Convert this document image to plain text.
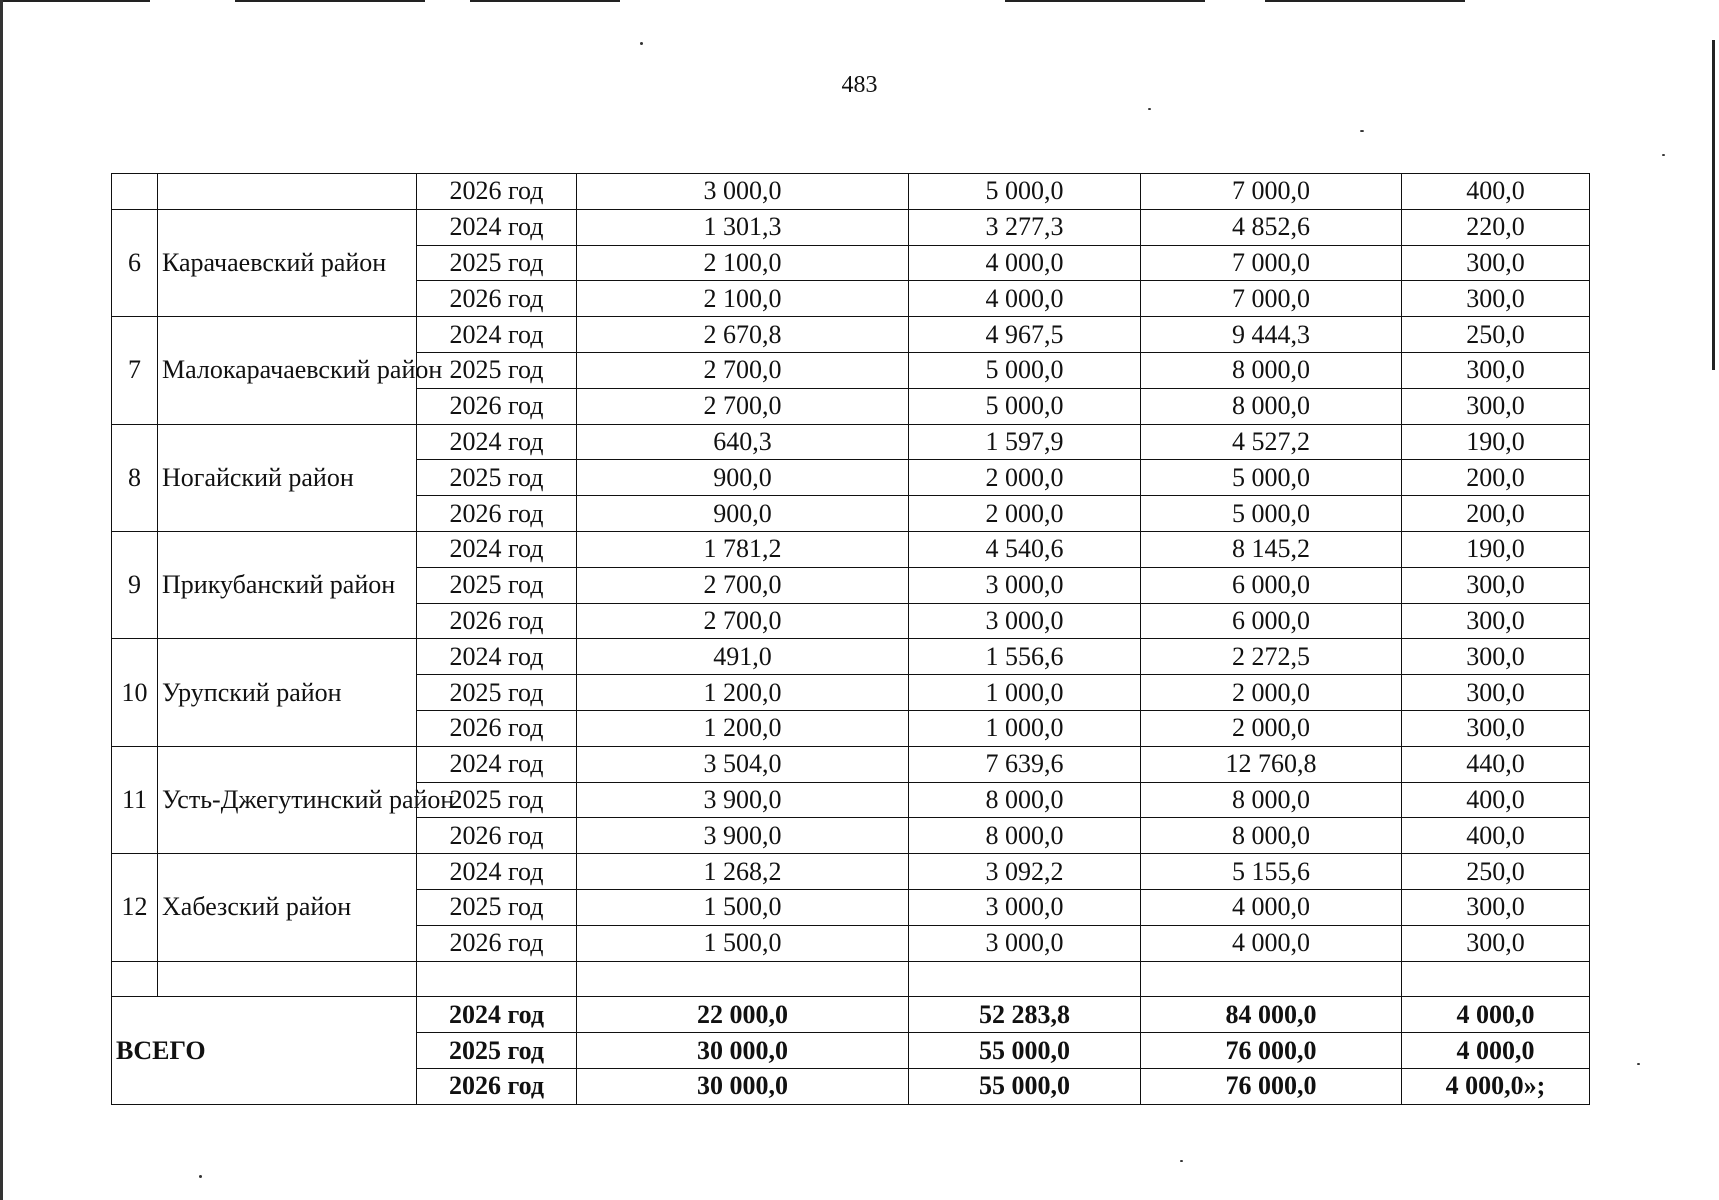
483
		2026 год	3 000,0	5 000,0	7 000,0	400,0
6	Карачаевский район	2024 год	1 301,3	3 277,3	4 852,6	220,0
		2025 год	2 100,0	4 000,0	7 000,0	300,0
		2026 год	2 100,0	4 000,0	7 000,0	300,0
7	Малокарачаевский район	2024 год	2 670,8	4 967,5	9 444,3	250,0
		2025 год	2 700,0	5 000,0	8 000,0	300,0
		2026 год	2 700,0	5 000,0	8 000,0	300,0
8	Ногайский район	2024 год	640,3	1 597,9	4 527,2	190,0
		2025 год	900,0	2 000,0	5 000,0	200,0
		2026 год	900,0	2 000,0	5 000,0	200,0
9	Прикубанский район	2024 год	1 781,2	4 540,6	8 145,2	190,0
		2025 год	2 700,0	3 000,0	6 000,0	300,0
		2026 год	2 700,0	3 000,0	6 000,0	300,0
10	Урупский район	2024 год	491,0	1 556,6	2 272,5	300,0
		2025 год	1 200,0	1 000,0	2 000,0	300,0
		2026 год	1 200,0	1 000,0	2 000,0	300,0
11	Усть-Джегутинский район	2024 год	3 504,0	7 639,6	12 760,8	440,0
		2025 год	3 900,0	8 000,0	8 000,0	400,0
		2026 год	3 900,0	8 000,0	8 000,0	400,0
12	Хабезский район	2024 год	1 268,2	3 092,2	5 155,6	250,0
		2025 год	1 500,0	3 000,0	4 000,0	300,0
		2026 год	1 500,0	3 000,0	4 000,0	300,0

ВСЕГО		2024 год	22 000,0	52 283,8	84 000,0	4 000,0
		2025 год	30 000,0	55 000,0	76 000,0	4 000,0
		2026 год	30 000,0	55 000,0	76 000,0	4 000,0»;
